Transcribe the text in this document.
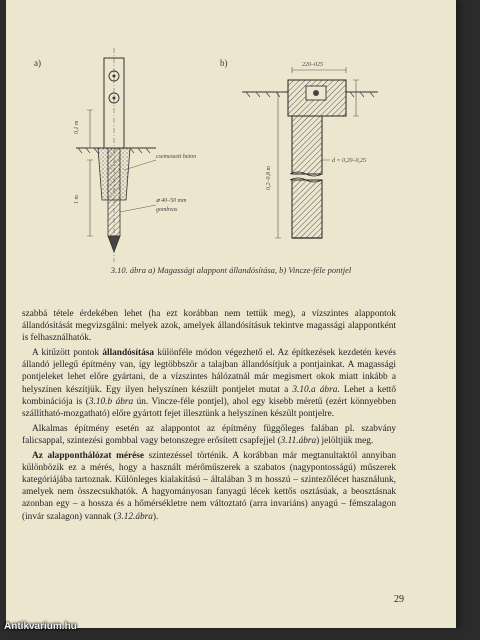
a)	b)
0,1 m
1 m
csemeszett beton
⌀ 40–50 mm
gombvas
220–025
0,2–0,8 m
d = 0,20–0,25
3.10. ábra a) Magassági alappont állandósítása, b) Vincze-féle pontjel

szabbá tétele érdekében lehet (ha ezt korábban nem tettük meg), a vízszintes alappontok állandósítását megvizsgálni: melyek azok, amelyek állandósításuk tekintve magassági alappontként is felhasználhatók.

A kitűzött pontok állandósítása különféle módon végezhető el. Az építkezések kezdetén kevés állandó jellegű építmény van, így legtöbbször a talajban állandósítjuk a pontjainkat. A magassági pontjeleket lehet előre gyártani, de a vízszintes hálózatnál már megismert okok miatt inkább a helyszínen készítjük. Egy ilyen helyszínen készült pontjelet mutat a 3.10.a ábra. Lehet a kettő kombinációja is (3.10.b ábra ún. Vincze-féle pontjel), ahol egy kisebb méretű (ezért könnyebben szállítható-mozgatható) előre gyártott fejet illesztünk a helyszínen készült pontjelre.

Alkalmas építmény esetén az alappontot az építmény függőleges falában pl. szabvány falicsappal, szintezési gombbal vagy betonszegre erősített csapfejjel (3.11.ábra) jelöltjük meg.

Az alapponthálózat mérése szintezéssel történik. A korábban már megtanultaktól annyiban különbözik ez a mérés, hogy a használt mérőműszerek a szabatos (nagypontosságú) műszerek kategóriájába tartoznak. Különleges kialakítású – általában 3 m hosszú – szintezőlécet használunk, amelyek nem összecsukhatók. A hagyományosan fanyagú lécek kettős osztásúak, a beosztásnak azonban egy – a hossza és a hőmérsékletre nem változtató (arra invariáns) anyagú – fémszalagon (invár szalagon) vannak (3.12.ábra).

29
Antikvarium.hu
